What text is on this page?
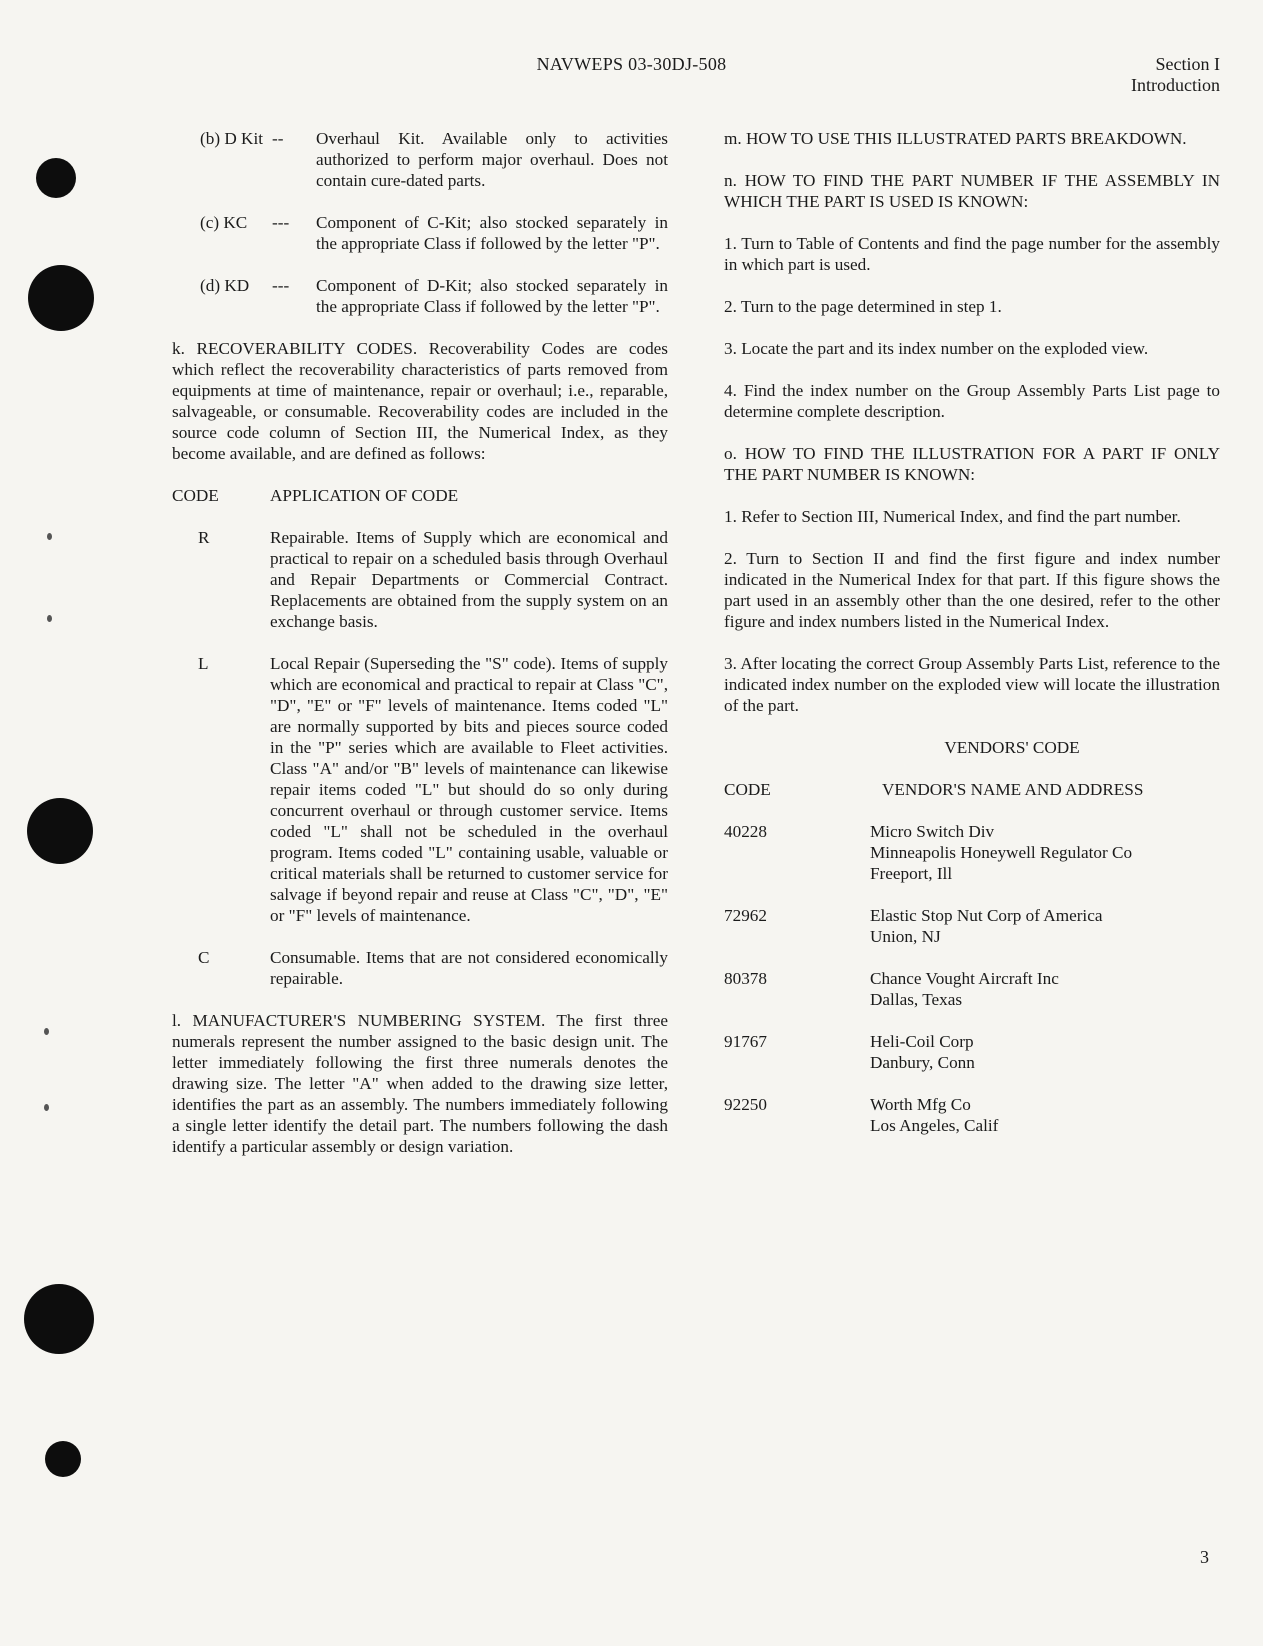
NAVWEPS 03-30DJ-508	Section I
Introduction
(b) D Kit --	Overhaul Kit. Available only to activities authorized to perform major overhaul. Does not contain cure-dated parts.
(c) KC	---	Component of C-Kit; also stocked separately in the appropriate Class if followed by the letter "P".
(d) KD	---	Component of D-Kit; also stocked separately in the appropriate Class if followed by the letter "P".

k. RECOVERABILITY CODES. Recoverability Codes are codes which reflect the recoverability characteristics of parts removed from equipments at time of maintenance, repair or overhaul; i.e., reparable, salvageable, or consumable. Recoverability codes are included in the source code column of Section III, the Numerical Index, as they become available, and are defined as follows:

CODE	APPLICATION OF CODE
R	Repairable. Items of Supply which are economical and practical to repair on a scheduled basis through Overhaul and Repair Departments or Commercial Contract. Replacements are obtained from the supply system on an exchange basis.
L	Local Repair (Superseding the "S" code). Items of supply which are economical and practical to repair at Class "C", "D", "E" or "F" levels of maintenance. Items coded "L" are normally supported by bits and pieces source coded in the "P" series which are available to Fleet activities. Class "A" and/or "B" levels of maintenance can likewise repair items coded "L" but should do so only during concurrent overhaul or through customer service. Items coded "L" shall not be scheduled in the overhaul program. Items coded "L" containing usable, valuable or critical materials shall be returned to customer service for salvage if beyond repair and reuse at Class "C", "D", "E" or "F" levels of maintenance.
C	Consumable. Items that are not considered economically repairable.

l. MANUFACTURER'S NUMBERING SYSTEM. The first three numerals represent the number assigned to the basic design unit. The letter immediately following the first three numerals denotes the drawing size. The letter "A" when added to the drawing size letter, identifies the part as an assembly. The numbers immediately following a single letter identify the detail part. The numbers following the dash identify a particular assembly or design variation.

m. HOW TO USE THIS ILLUSTRATED PARTS BREAKDOWN.

n. HOW TO FIND THE PART NUMBER IF THE ASSEMBLY IN WHICH THE PART IS USED IS KNOWN:

1. Turn to Table of Contents and find the page number for the assembly in which part is used.

2. Turn to the page determined in step 1.

3. Locate the part and its index number on the exploded view.

4. Find the index number on the Group Assembly Parts List page to determine complete description.

o. HOW TO FIND THE ILLUSTRATION FOR A PART IF ONLY THE PART NUMBER IS KNOWN:

1. Refer to Section III, Numerical Index, and find the part number.

2. Turn to Section II and find the first figure and index number indicated in the Numerical Index for that part. If this figure shows the part used in an assembly other than the one desired, refer to the other figure and index numbers listed in the Numerical Index.

3. After locating the correct Group Assembly Parts List, reference to the indicated index number on the exploded view will locate the illustration of the part.

VENDORS' CODE
CODE	VENDOR'S NAME AND ADDRESS
40228	Micro Switch Div
Minneapolis Honeywell Regulator Co
Freeport, Ill
72962	Elastic Stop Nut Corp of America
Union, NJ
80378	Chance Vought Aircraft Inc
Dallas, Texas
91767	Heli-Coil Corp
Danbury, Conn
92250	Worth Mfg Co
Los Angeles, Calif
3
